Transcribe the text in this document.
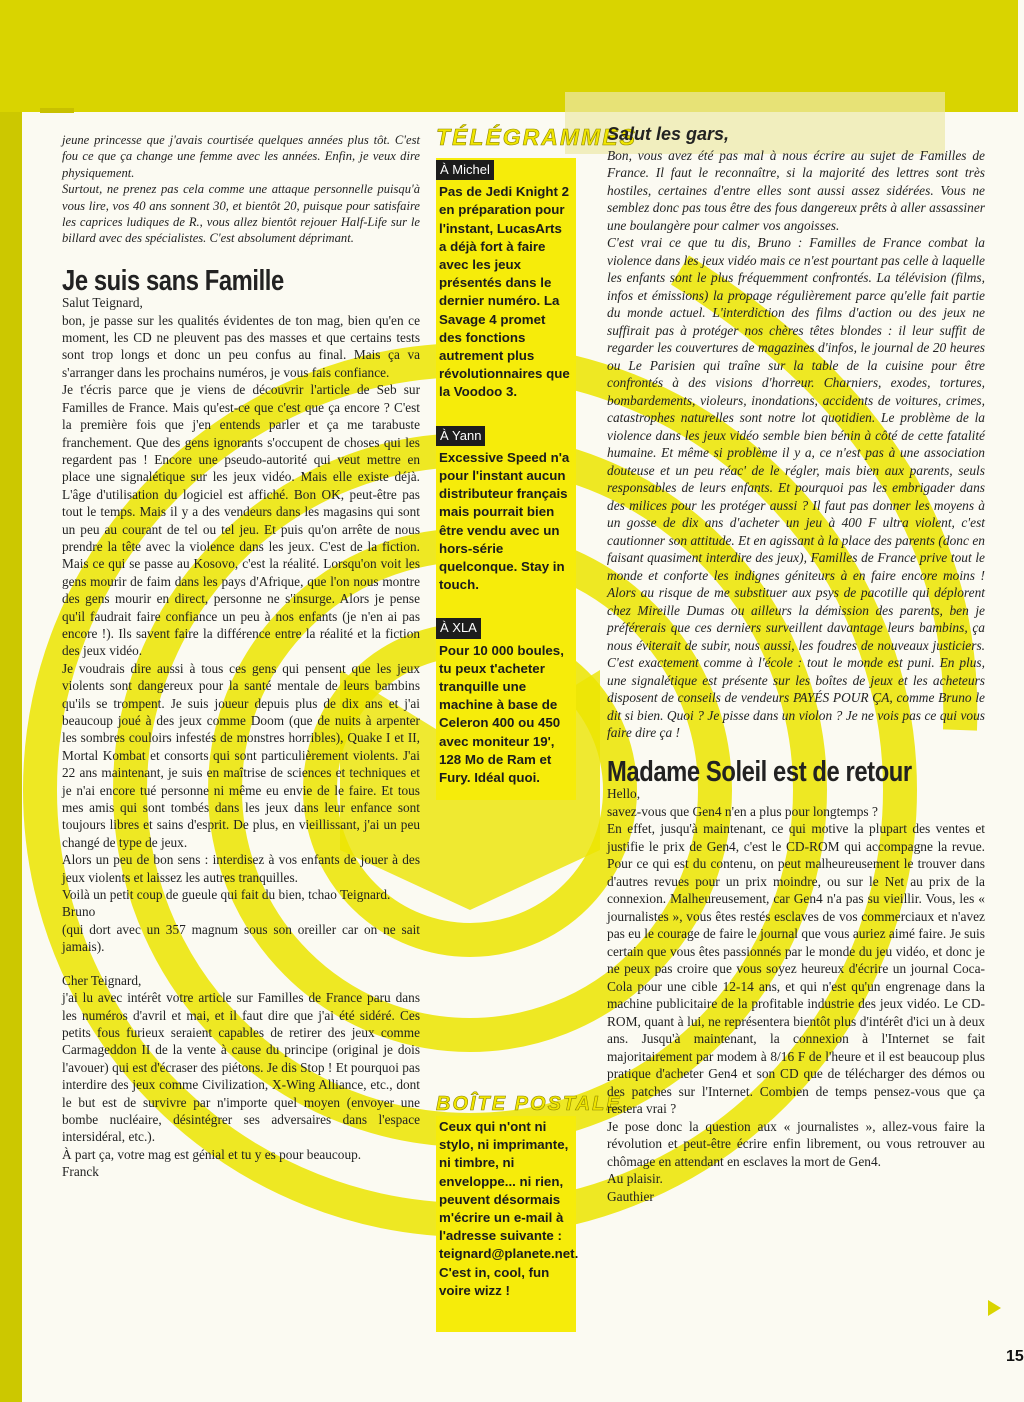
jeune princesse que j'avais courtisée quelques années plus tôt. C'est fou ce que ça change une femme avec les années. Enfin, je veux dire physiquement.

Surtout, ne prenez pas cela comme une attaque personnelle puisqu'à vous lire, vos 40 ans sonnent 30, et bientôt 20, puisque pour satisfaire les caprices ludiques de R., vous allez bientôt rejouer Half-Life sur le billard avec des spécialistes. C'est absolument déprimant.

Je suis sans Famille

Salut Teignard,

bon, je passe sur les qualités évidentes de ton mag, bien qu'en ce moment, les CD ne pleuvent pas des masses et que certains tests sont trop longs et donc un peu confus au final. Mais ça va s'arranger dans les prochains numéros, je vous fais confiance.

Je t'écris parce que je viens de découvrir l'article de Seb sur Familles de France. Mais qu'est-ce que c'est que ça encore ? C'est la première fois que j'en entends parler et ça me tarabuste franchement. Que des gens ignorants s'occupent de choses qui les regardent pas ! Encore une pseudo-autorité qui veut mettre en place une signalétique sur les jeux vidéo. Mais elle existe déjà. L'âge d'utilisation du logiciel est affiché. Bon OK, peut-être pas tout le temps. Mais il y a des vendeurs dans les magasins qui sont un peu au courant de tel ou tel jeu. Et puis qu'on arrête de nous prendre la tête avec la violence dans les jeux. C'est de la fiction. Mais ce qui se passe au Kosovo, c'est la réalité. Lorsqu'on voit les gens mourir de faim dans les pays d'Afrique, que l'on nous montre des gens mourir en direct, personne ne s'insurge. Alors je pense qu'il faudrait faire confiance un peu à nos enfants (je n'en ai pas encore !). Ils savent faire la différence entre la réalité et la fiction des jeux vidéo.

Je voudrais dire aussi à tous ces gens qui pensent que les jeux violents sont dangereux pour la santé mentale de leurs bambins qu'ils se trompent. Je suis joueur depuis plus de dix ans et j'ai beaucoup joué à des jeux comme Doom (que de nuits à arpenter les sombres couloirs infestés de monstres horribles), Quake I et II, Mortal Kombat et consorts qui sont particulièrement violents. J'ai 22 ans maintenant, je suis en maîtrise de sciences et techniques et je n'ai encore tué personne ni même eu envie de le faire. Et tous mes amis qui sont tombés dans les jeux dans leur enfance sont toujours libres et sains d'esprit. De plus, en vieillissant, j'ai un peu changé de type de jeux.

Alors un peu de bon sens : interdisez à vos enfants de jouer à des jeux violents et laissez les autres tranquilles.

Voilà un petit coup de gueule qui fait du bien, tchao Teignard.

Bruno

(qui dort avec un 357 magnum sous son oreiller car on ne sait jamais).

Cher Teignard,

j'ai lu avec intérêt votre article sur Familles de France paru dans les numéros d'avril et mai, et il faut dire que j'ai été sidéré. Ces petits fous furieux seraient capables de retirer des jeux comme Carmageddon II de la vente à cause du principe (original je dois l'avouer) qui est d'écraser des piétons. Je dis Stop ! Et pourquoi pas interdire des jeux comme Civilization, X-Wing Alliance, etc., dont le but est de survivre par n'importe quel moyen (envoyer une bombe nucléaire, désintégrer ses adversaires dans l'espace intersidéral, etc.).

À part ça, votre mag est génial et tu y es pour beaucoup.

Franck

TÉLÉGRAMMES
À Michel
Pas de Jedi Knight 2 en préparation pour l'instant, LucasArts a déjà fort à faire avec les jeux présentés dans le dernier numéro. La Savage 4 promet des fonctions autrement plus révolutionnaires que la Voodoo 3.
À Yann
Excessive Speed n'a pour l'instant aucun distributeur français mais pourrait bien être vendu avec un hors-série quelconque. Stay in touch.
À XLA
Pour 10 000 boules, tu peux t'acheter tranquille une machine à base de Celeron 400 ou 450 avec moniteur 19', 128 Mo de Ram et Fury. Idéal quoi.
BOÎTE POSTALE
Ceux qui n'ont ni stylo, ni imprimante, ni timbre, ni enveloppe... ni rien, peuvent désormais m'écrire un e-mail à l'adresse suivante : teignard@planete.net. C'est in, cool, fun voire wizz !
Salut les gars,

Bon, vous avez été pas mal à nous écrire au sujet de Familles de France. Il faut le reconnaître, si la majorité des lettres sont très hostiles, certaines d'entre elles sont aussi assez sidérées. Vous ne semblez donc pas tous être des fous dangereux prêts à aller assassiner une boulangère pour calmer vos angoisses.

C'est vrai ce que tu dis, Bruno : Familles de France combat la violence dans les jeux vidéo mais ce n'est pourtant pas celle à laquelle les enfants sont le plus fréquemment confrontés. La télévision (films, infos et émissions) la propage régulièrement parce qu'elle fait partie du monde actuel. L'interdiction des films d'action ou des jeux ne suffirait pas à protéger nos chères têtes blondes : il leur suffit de regarder les couvertures de magazines d'infos, le journal de 20 heures ou Le Parisien qui traîne sur la table de la cuisine pour être confrontés à des visions d'horreur. Charniers, exodes, tortures, bombardements, violeurs, inondations, accidents de voitures, crimes, catastrophes naturelles sont notre lot quotidien. Le problème de la violence dans les jeux vidéo semble bien bénin à côté de cette fatalité humaine. Et même si problème il y a, ce n'est pas à une association douteuse et un peu réac' de le régler, mais bien aux parents, seuls responsables de leurs enfants. Et pourquoi pas les embrigader dans des milices pour les protéger aussi ? Il faut pas donner les moyens à un gosse de dix ans d'acheter un jeu à 400 F ultra violent, c'est cautionner son attitude. Et en agissant à la place des parents (donc en faisant quasiment interdire des jeux), Familles de France prive tout le monde et conforte les indignes géniteurs à en faire encore moins ! Alors au risque de me substituer aux psys de pacotille qui déplorent chez Mireille Dumas ou ailleurs la démission des parents, ben je préférerais que ces derniers surveillent davantage leurs bambins, ça nous éviterait de subir, nous aussi, les foudres de nouveaux justiciers. C'est exactement comme à l'école : tout le monde est puni. En plus, une signalétique est présente sur les boîtes de jeux et les acheteurs disposent de conseils de vendeurs PAYÉS POUR ÇA, comme Bruno le dit si bien. Quoi ? Je pisse dans un violon ? Je ne vois pas ce qui vous faire dire ça !

Madame Soleil est de retour

Hello,

savez-vous que Gen4 n'en a plus pour longtemps ?

En effet, jusqu'à maintenant, ce qui motive la plupart des ventes et justifie le prix de Gen4, c'est le CD-ROM qui accompagne la revue. Pour ce qui est du contenu, on peut malheureusement le trouver dans d'autres revues pour un prix moindre, ou sur le Net au prix de la connexion. Malheureusement, car Gen4 n'a pas su vieillir. Vous, les « journalistes », vous êtes restés esclaves de vos commerciaux et n'avez pas eu le courage de faire le journal que vous auriez aimé faire. Je suis certain que vous êtes passionnés par le monde du jeu vidéo, et donc je ne peux pas croire que vous soyez heureux d'écrire un journal Coca-Cola pour une cible 12-14 ans, et qui n'est qu'un engrenage dans la machine publicitaire de la profitable industrie des jeux vidéo. Le CD-ROM, quant à lui, ne représentera bientôt plus d'intérêt d'ici un à deux ans. Jusqu'à maintenant, la connexion à l'Internet se fait majoritairement par modem à 8/16 F de l'heure et il est beaucoup plus pratique d'acheter Gen4 et son CD que de télécharger des démos ou des patches sur l'Internet. Combien de temps pensez-vous que ça restera vrai ?

Je pose donc la question aux « journalistes », allez-vous faire la révolution et peut-être écrire enfin librement, ou vous retrouver au chômage en attendant en esclaves la mort de Gen4.

Au plaisir.

Gauthier

15
